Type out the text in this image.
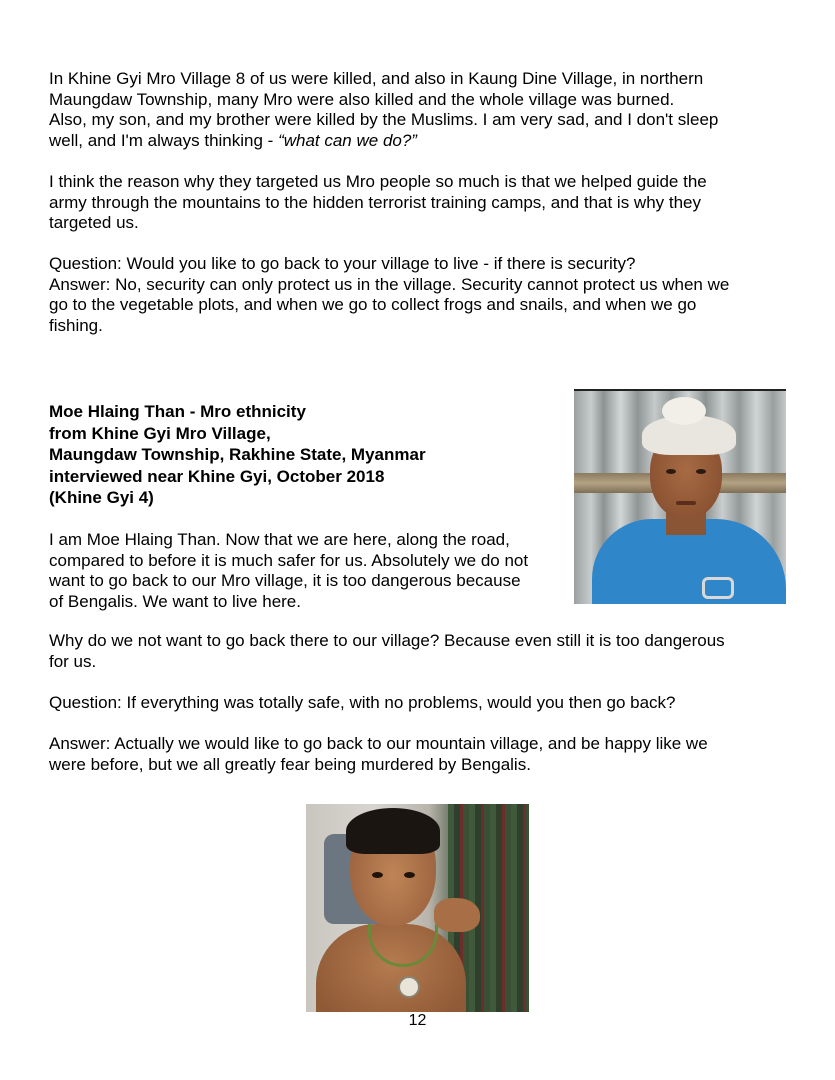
In Khine Gyi Mro Village 8 of us were killed, and also in Kaung Dine Village, in northern
Maungdaw Township, many Mro were also killed and the whole village was burned.
Also, my son, and my brother were killed by the Muslims. I am very sad, and I don't sleep
well, and I'm always thinking - “what can we do?”

I think the reason why they targeted us Mro people so much is that we helped guide the
army through the mountains to the hidden terrorist training camps, and that is why they
targeted us.

Question: Would you like to go back to your village to live - if there is security?
Answer: No, security can only protect us in the village. Security cannot protect us when we
go to the vegetable plots, and when we go to collect frogs and snails, and when we go
fishing.

Moe Hlaing Than - Mro ethnicity
from Khine Gyi Mro Village,
Maungdaw Township, Rakhine State, Myanmar
interviewed near Khine Gyi, October 2018
(Khine Gyi 4)

I am Moe Hlaing Than. Now that we are here, along the road,
compared to before it is much safer for us. Absolutely we do not
want to go back to our Mro village, it is too dangerous because
of Bengalis. We want to live here.

Why do we not want to go back there to our village? Because even still it is too dangerous
for us.

Question: If everything was totally safe, with no problems, would you then go back?

Answer: Actually we would like to go back to our mountain village, and be happy like we
were before, but we all greatly fear being murdered by Bengalis.

12
